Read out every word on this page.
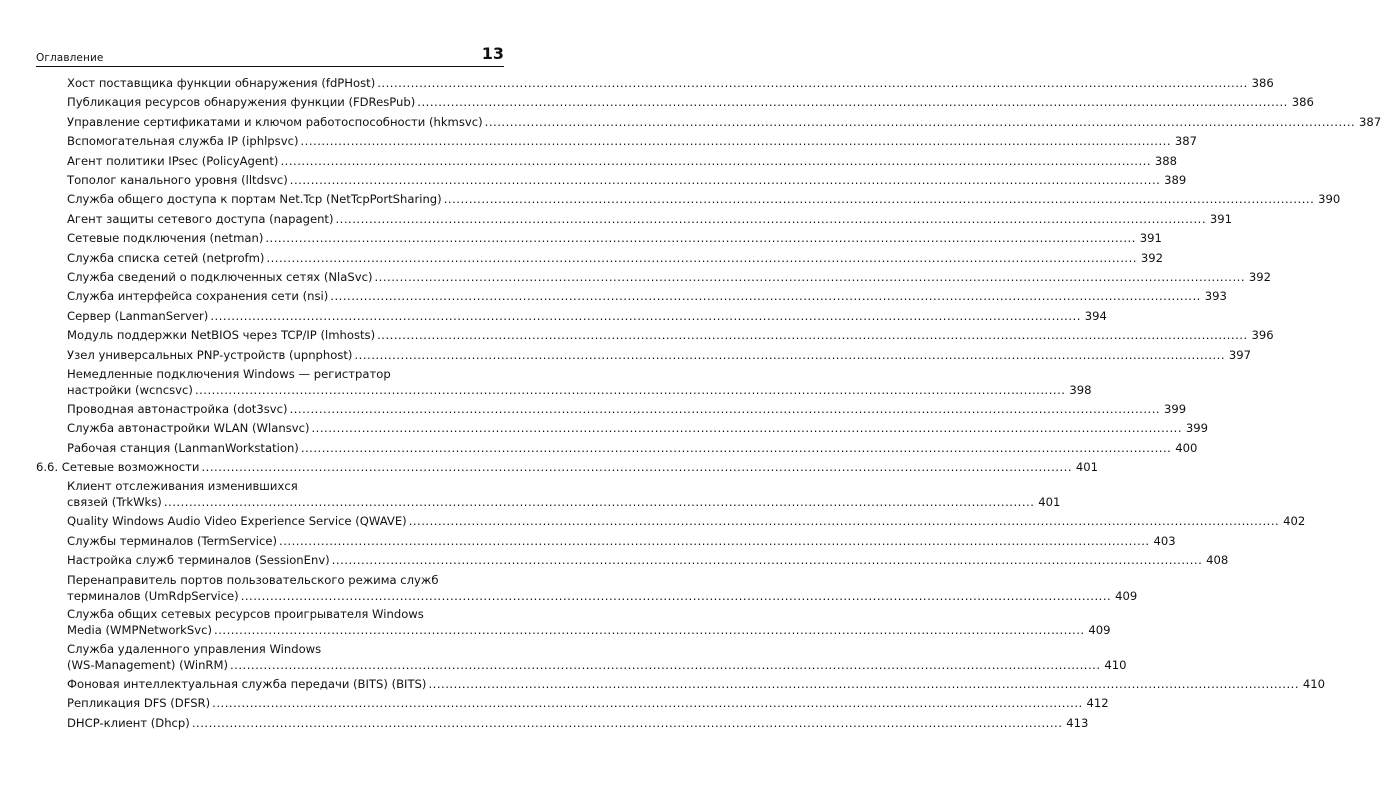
Оглавление	13
Хост поставщика функции обнаружения (fdPHost) .....	386
Публикация ресурсов обнаружения функции (FDResPub) .....	386
Управление сертификатами и ключом работоспособности (hkmsvc) .....	387
Вспомогательная служба IP (iphlpsvc) .....	387
Агент политики IPsec (PolicyAgent) .....	388
Тополог канального уровня (lltdsvc) .....	389
Служба общего доступа к портам Net.Tcp (NetTcpPortSharing) .....	390
Агент защиты сетевого доступа (napagent) .....	391
Сетевые подключения (netman) .....	391
Служба списка сетей (netprofm) .....	392
Служба сведений о подключенных сетях (NlaSvc) .....	392
Служба интерфейса сохранения сети (nsi) .....	393
Сервер (LanmanServer) .....	394
Модуль поддержки NetBIOS через TCP/IP (lmhosts) .....	396
Узел универсальных PNP-устройств (upnphost) .....	397
Немедленные подключения Windows — регистратор
настройки (wcncsvc) .....	398
Проводная автонастройка (dot3svc) .....	399
Служба автонастройки WLAN (Wlansvc) .....	399
Рабочая станция (LanmanWorkstation) .....	400
6.6. Сетевые возможности .....	401
Клиент отслеживания изменившихся
связей (TrkWks) .....	401
Quality Windows Audio Video Experience Service (QWAVE) .....	402
Службы терминалов (TermService) .....	403
Настройка служб терминалов (SessionEnv) .....	408
Перенаправитель портов пользовательского режима служб
терминалов (UmRdpService) .....	409
Служба общих сетевых ресурсов проигрывателя Windows
Media (WMPNetworkSvc) .....	409
Служба удаленного управления Windows
(WS-Management) (WinRM) .....	410
Фоновая интеллектуальная служба передачи (BITS) (BITS) .....	410
Репликация DFS (DFSR) .....	412
DHCP-клиент (Dhcp) .....	413
